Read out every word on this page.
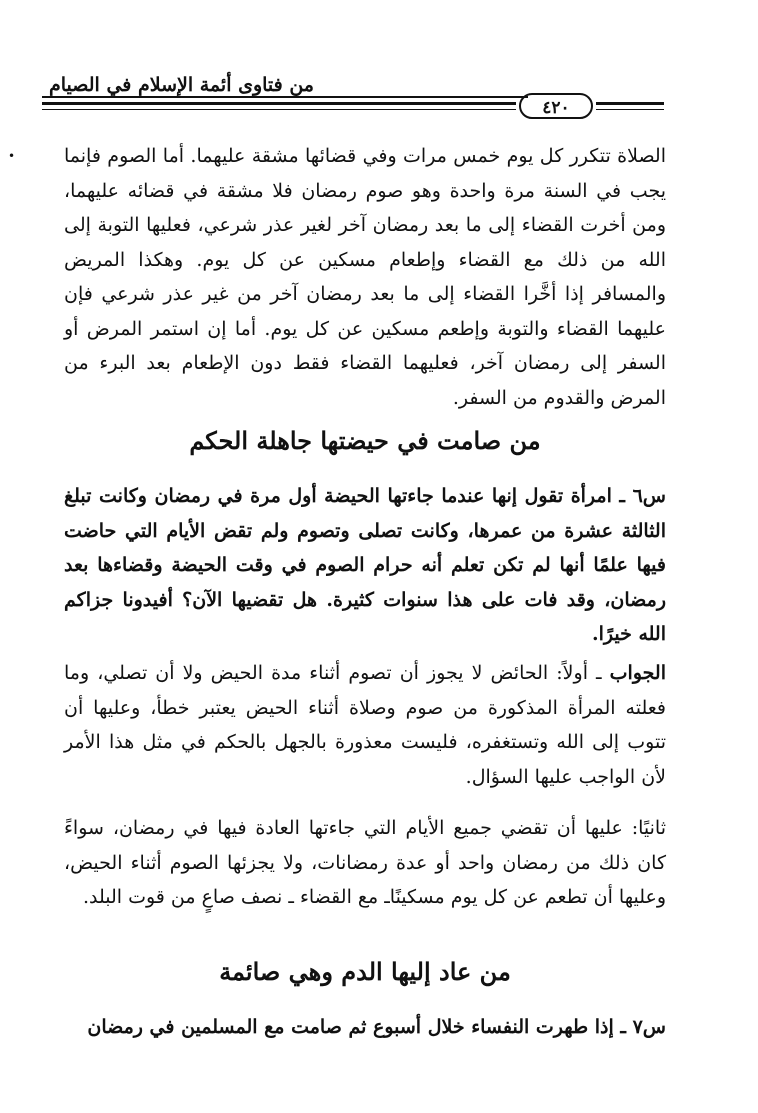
من فتاوى أئمة الإسلام في الصيام
٤٢٠
•	الصلاة تتكرر كل يوم خمس مرات وفي قضائها مشقة عليهما. أما الصوم فإنما يجب في السنة مرة واحدة وهو صوم رمضان فلا مشقة في قضائه عليهما، ومن أخرت القضاء إلى ما بعد رمضان آخر لغير عذر شرعي، فعليها التوبة إلى الله من ذلك مع القضاء وإطعام مسكين عن كل يوم. وهكذا المريض والمسافر إذا أخَّرا القضاء إلى ما بعد رمضان آخر من غير عذر شرعي فإن عليهما القضاء والتوبة وإطعم مسكين عن كل يوم. أما إن استمر المرض أو السفر إلى رمضان آخر، فعليهما القضاء فقط دون الإطعام بعد البرء من المرض والقدوم من السفر.

من صامت في حيضتها جاهلة الحكم

س٦ ـ امرأة تقول إنها عندما جاءتها الحيضة أول مرة في رمضان وكانت تبلغ الثالثة عشرة من عمرها، وكانت تصلى وتصوم ولم تقض الأيام التي حاضت فيها علمًا أنها لم تكن تعلم أنه حرام الصوم في وقت الحيضة وقضاءها بعد رمضان، وقد فات على هذا سنوات كثيرة. هل تقضيها الآن؟ أفيدونا جزاكم الله خيرًا.

الجواب ـ أولاً: الحائض لا يجوز أن تصوم أثناء مدة الحيض ولا أن تصلي، وما فعلته المرأة المذكورة من صوم وصلاة أثناء الحيض يعتبر خطأ، وعليها أن تتوب إلى الله وتستغفره، فليست معذورة بالجهل بالحكم في مثل هذا الأمر لأن الواجب عليها السؤال.

ثانيًا: عليها أن تقضي جميع الأيام التي جاءتها العادة فيها في رمضان، سواءً كان ذلك من رمضان واحد أو عدة رمضانات، ولا يجزئها الصوم أثناء الحيض، وعليها أن تطعم عن كل يوم مسكينًاـ مع القضاء ـ نصف صاعٍ من قوت البلد.

من عاد إليها الدم وهي صائمة

س٧ ـ إذا طهرت النفساء خلال أسبوع ثم صامت مع المسلمين في رمضان
